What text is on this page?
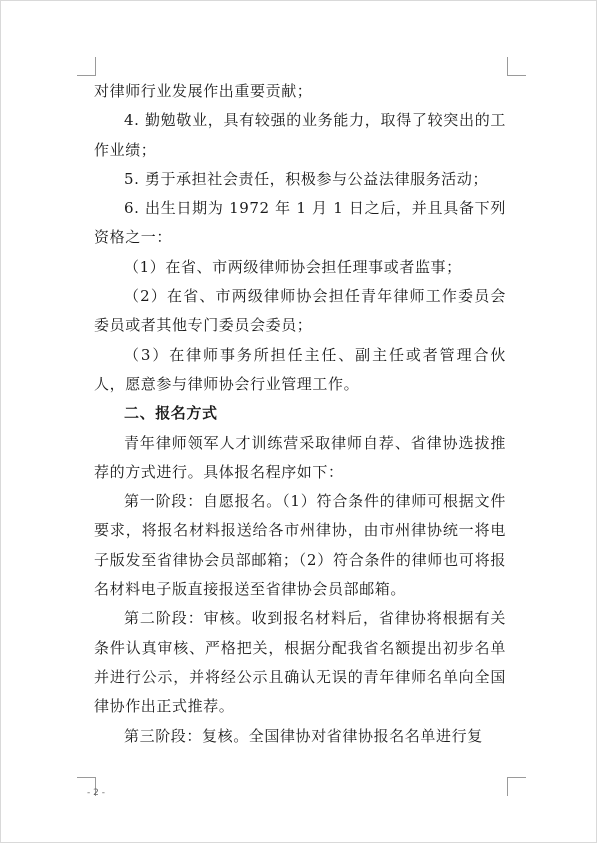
对律师行业发展作出重要贡献；

4. 勤勉敬业，具有较强的业务能力，取得了较突出的工作业绩；

5. 勇于承担社会责任，积极参与公益法律服务活动；

6. 出生日期为 1972 年 1 月 1 日之后，并且具备下列资格之一：

（1）在省、市两级律师协会担任理事或者监事；

（2）在省、市两级律师协会担任青年律师工作委员会委员或者其他专门委员会委员；

（3）在律师事务所担任主任、副主任或者管理合伙人，愿意参与律师协会行业管理工作。

二、报名方式

青年律师领军人才训练营采取律师自荐、省律协选拔推荐的方式进行。具体报名程序如下：

第一阶段：自愿报名。（1）符合条件的律师可根据文件要求，将报名材料报送给各市州律协，由市州律协统一将电子版发至省律协会员部邮箱；（2）符合条件的律师也可将报名材料电子版直接报送至省律协会员部邮箱。

第二阶段：审核。收到报名材料后，省律协将根据有关条件认真审核、严格把关，根据分配我省名额提出初步名单并进行公示，并将经公示且确认无误的青年律师名单向全国律协作出正式推荐。

第三阶段：复核。全国律协对省律协报名名单进行复

- 2 -
